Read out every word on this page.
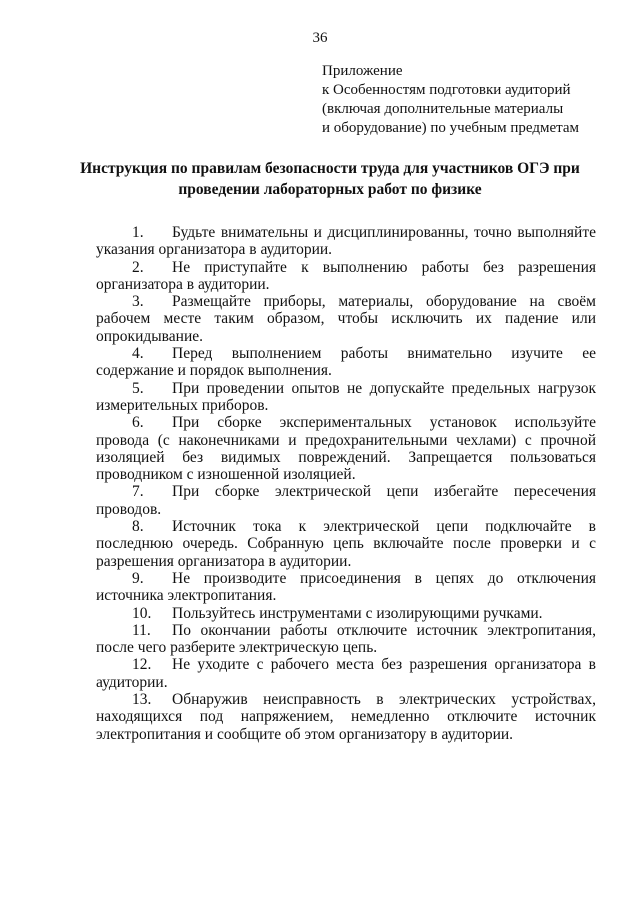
36
Приложение
к Особенностям подготовки аудиторий
(включая дополнительные материалы
и оборудование) по учебным предметам
Инструкция по правилам безопасности труда для участников ОГЭ при
проведении лабораторных работ по физике

1. Будьте внимательны и дисциплинированны, точно выполняйте указания организатора в аудитории.

2. Не приступайте к выполнению работы без разрешения организатора в аудитории.

3. Размещайте приборы, материалы, оборудование на своём рабочем месте таким образом, чтобы исключить их падение или опрокидывание.

4. Перед выполнением работы внимательно изучите ее содержание и порядок выполнения.

5. При проведении опытов не допускайте предельных нагрузок измерительных приборов.

6. При сборке экспериментальных установок используйте провода (с наконечниками и предохранительными чехлами) с прочной изоляцией без видимых повреждений. Запрещается пользоваться проводником с изношенной изоляцией.

7. При сборке электрической цепи избегайте пересечения проводов.

8. Источник тока к электрической цепи подключайте в последнюю очередь. Собранную цепь включайте после проверки и с разрешения организатора в аудитории.

9. Не производите присоединения в цепях до отключения источника электропитания.

10. Пользуйтесь инструментами с изолирующими ручками.

11. По окончании работы отключите источник электропитания, после чего разберите электрическую цепь.

12. Не уходите с рабочего места без разрешения организатора в аудитории.

13. Обнаружив неисправность в электрических устройствах, находящихся под напряжением, немедленно отключите источник электропитания и сообщите об этом организатору в аудитории.
